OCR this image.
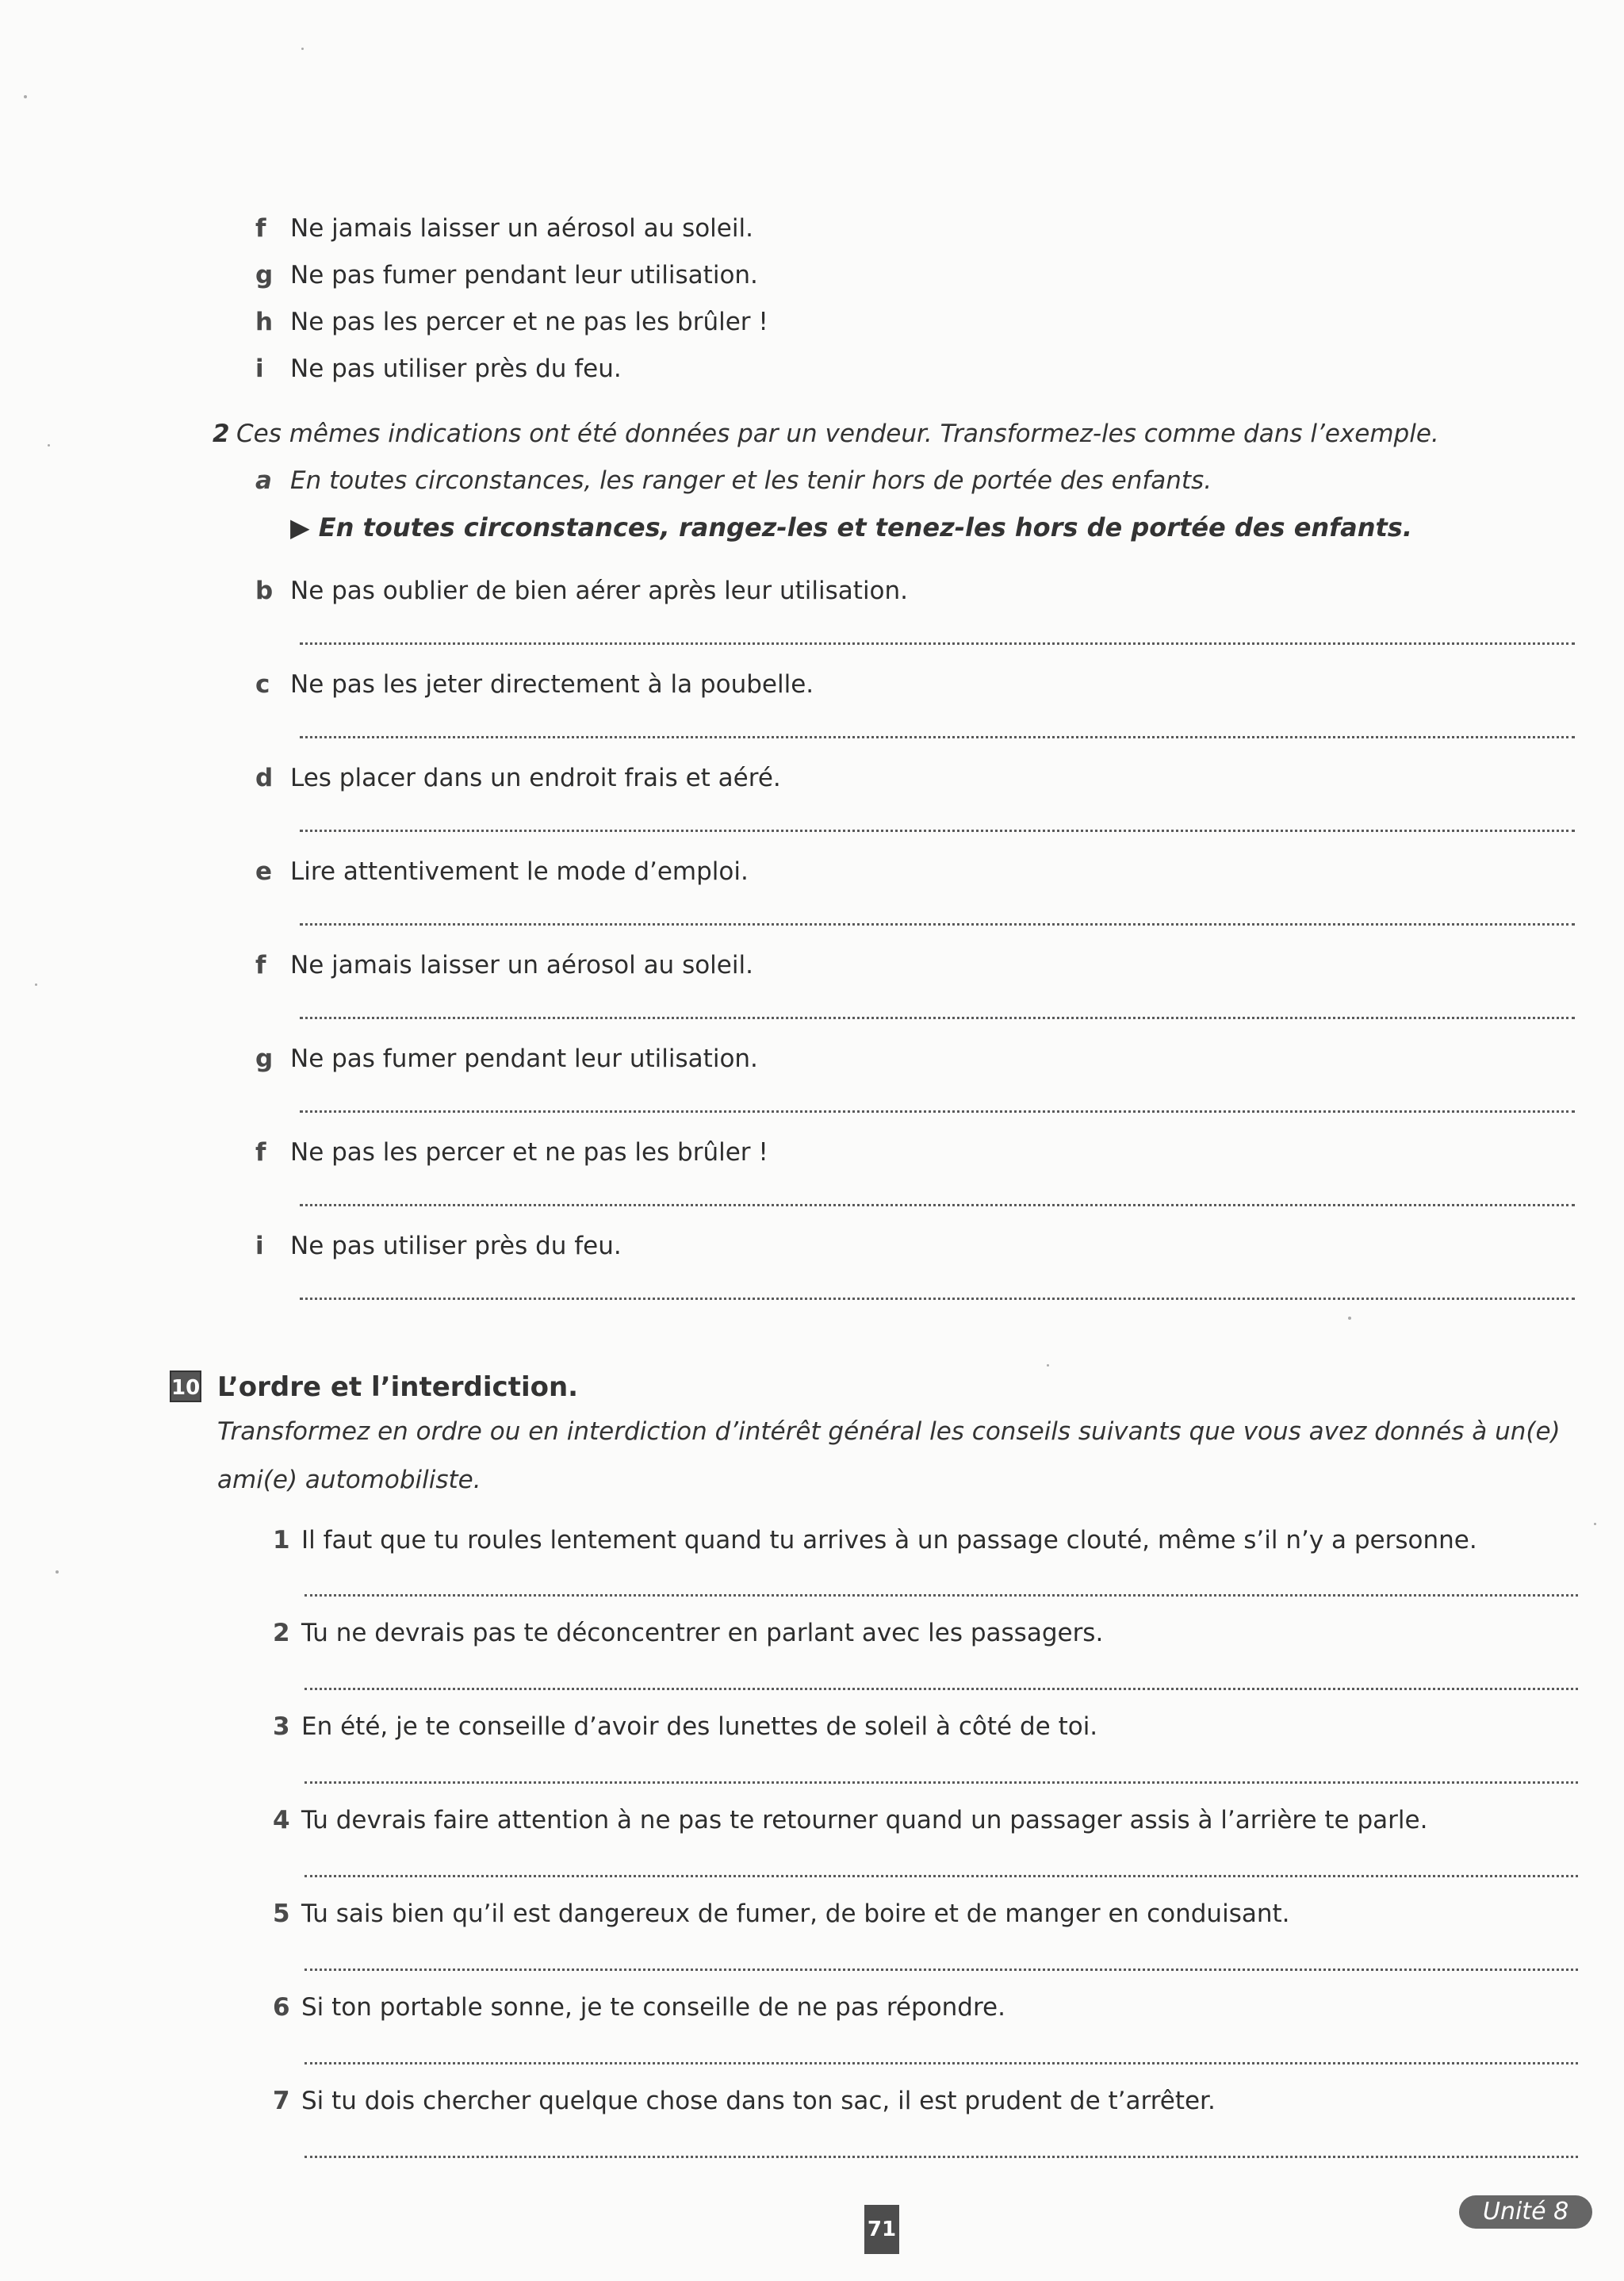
f Ne jamais laisser un aérosol au soleil.
g Ne pas fumer pendant leur utilisation.
h Ne pas les percer et ne pas les brûler !
i Ne pas utiliser près du feu.
2 Ces mêmes indications ont été données par un vendeur. Transformez-les comme dans l’exemple.
a En toutes circonstances, les ranger et les tenir hors de portée des enfants.
▶ En toutes circonstances, rangez-les et tenez-les hors de portée des enfants.
b Ne pas oublier de bien aérer après leur utilisation.
c Ne pas les jeter directement à la poubelle.
d Les placer dans un endroit frais et aéré.
e Lire attentivement le mode d’emploi.
f Ne jamais laisser un aérosol au soleil.
g Ne pas fumer pendant leur utilisation.
f Ne pas les percer et ne pas les brûler !
i Ne pas utiliser près du feu.
10 L’ordre et l’interdiction.
Transformez en ordre ou en interdiction d’intérêt général les conseils suivants que vous avez donnés à un(e)
ami(e) automobiliste.
1 Il faut que tu roules lentement quand tu arrives à un passage clouté, même s’il n’y a personne.
2 Tu ne devrais pas te déconcentrer en parlant avec les passagers.
3 En été, je te conseille d’avoir des lunettes de soleil à côté de toi.
4 Tu devrais faire attention à ne pas te retourner quand un passager assis à l’arrière te parle.
5 Tu sais bien qu’il est dangereux de fumer, de boire et de manger en conduisant.
6 Si ton portable sonne, je te conseille de ne pas répondre.
7 Si tu dois chercher quelque chose dans ton sac, il est prudent de t’arrêter.
71
Unité 8
